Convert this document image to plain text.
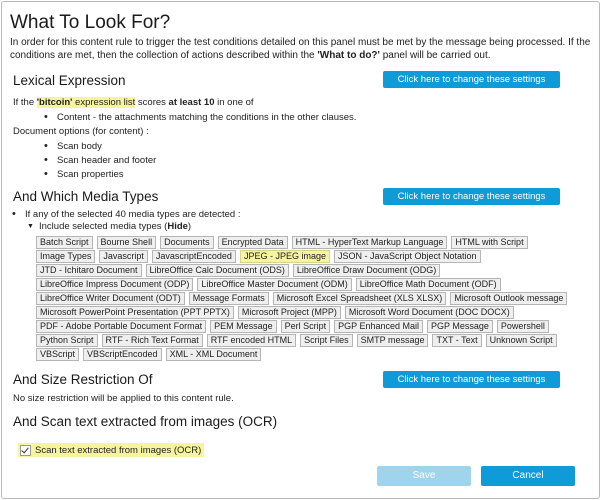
What To Look For?
In order for this content rule to trigger the test conditions detailed on this panel must be met by the message being processed. If the conditions are met, then the collection of actions described within the 'What to do?' panel will be carried out.
Lexical Expression	Click here to change these settings
If the 'bitcoin' expression list scores at least 10 in one of
• Content - the attachments matching the conditions in the other clauses.
Document options (for content) :
• Scan body
• Scan header and footer
• Scan properties
And Which Media Types	Click here to change these settings
• If any of the selected 40 media types are detected :
▼ Include selected media types (Hide)
Batch Script	Bourne Shell	Documents	Encrypted Data	HTML - HyperText Markup Language	HTML with Script
Image Types	Javascript	JavascriptEncoded	JPEG - JPEG image	JSON - JavaScript Object Notation
JTD - Ichitaro Document	LibreOffice Calc Document (ODS)	LibreOffice Draw Document (ODG)
LibreOffice Impress Document (ODP)	LibreOffice Master Document (ODM)	LibreOffice Math Document (ODF)
LibreOffice Writer Document (ODT)	Message Formats	Microsoft Excel Spreadsheet (XLS XLSX)	Microsoft Outlook message
Microsoft PowerPoint Presentation (PPT PPTX)	Microsoft Project (MPP)	Microsoft Word Document (DOC DOCX)
PDF - Adobe Portable Document Format	PEM Message	Perl Script	PGP Enhanced Mail	PGP Message	Powershell
Python Script	RTF - Rich Text Format	RTF encoded HTML	Script Files	SMTP message	TXT - Text	Unknown Script
VBScript	VBScriptEncoded	XML - XML Document
And Size Restriction Of	Click here to change these settings
No size restriction will be applied to this content rule.
And Scan text extracted from images (OCR)
Scan text extracted from images (OCR)
Save	Cancel
